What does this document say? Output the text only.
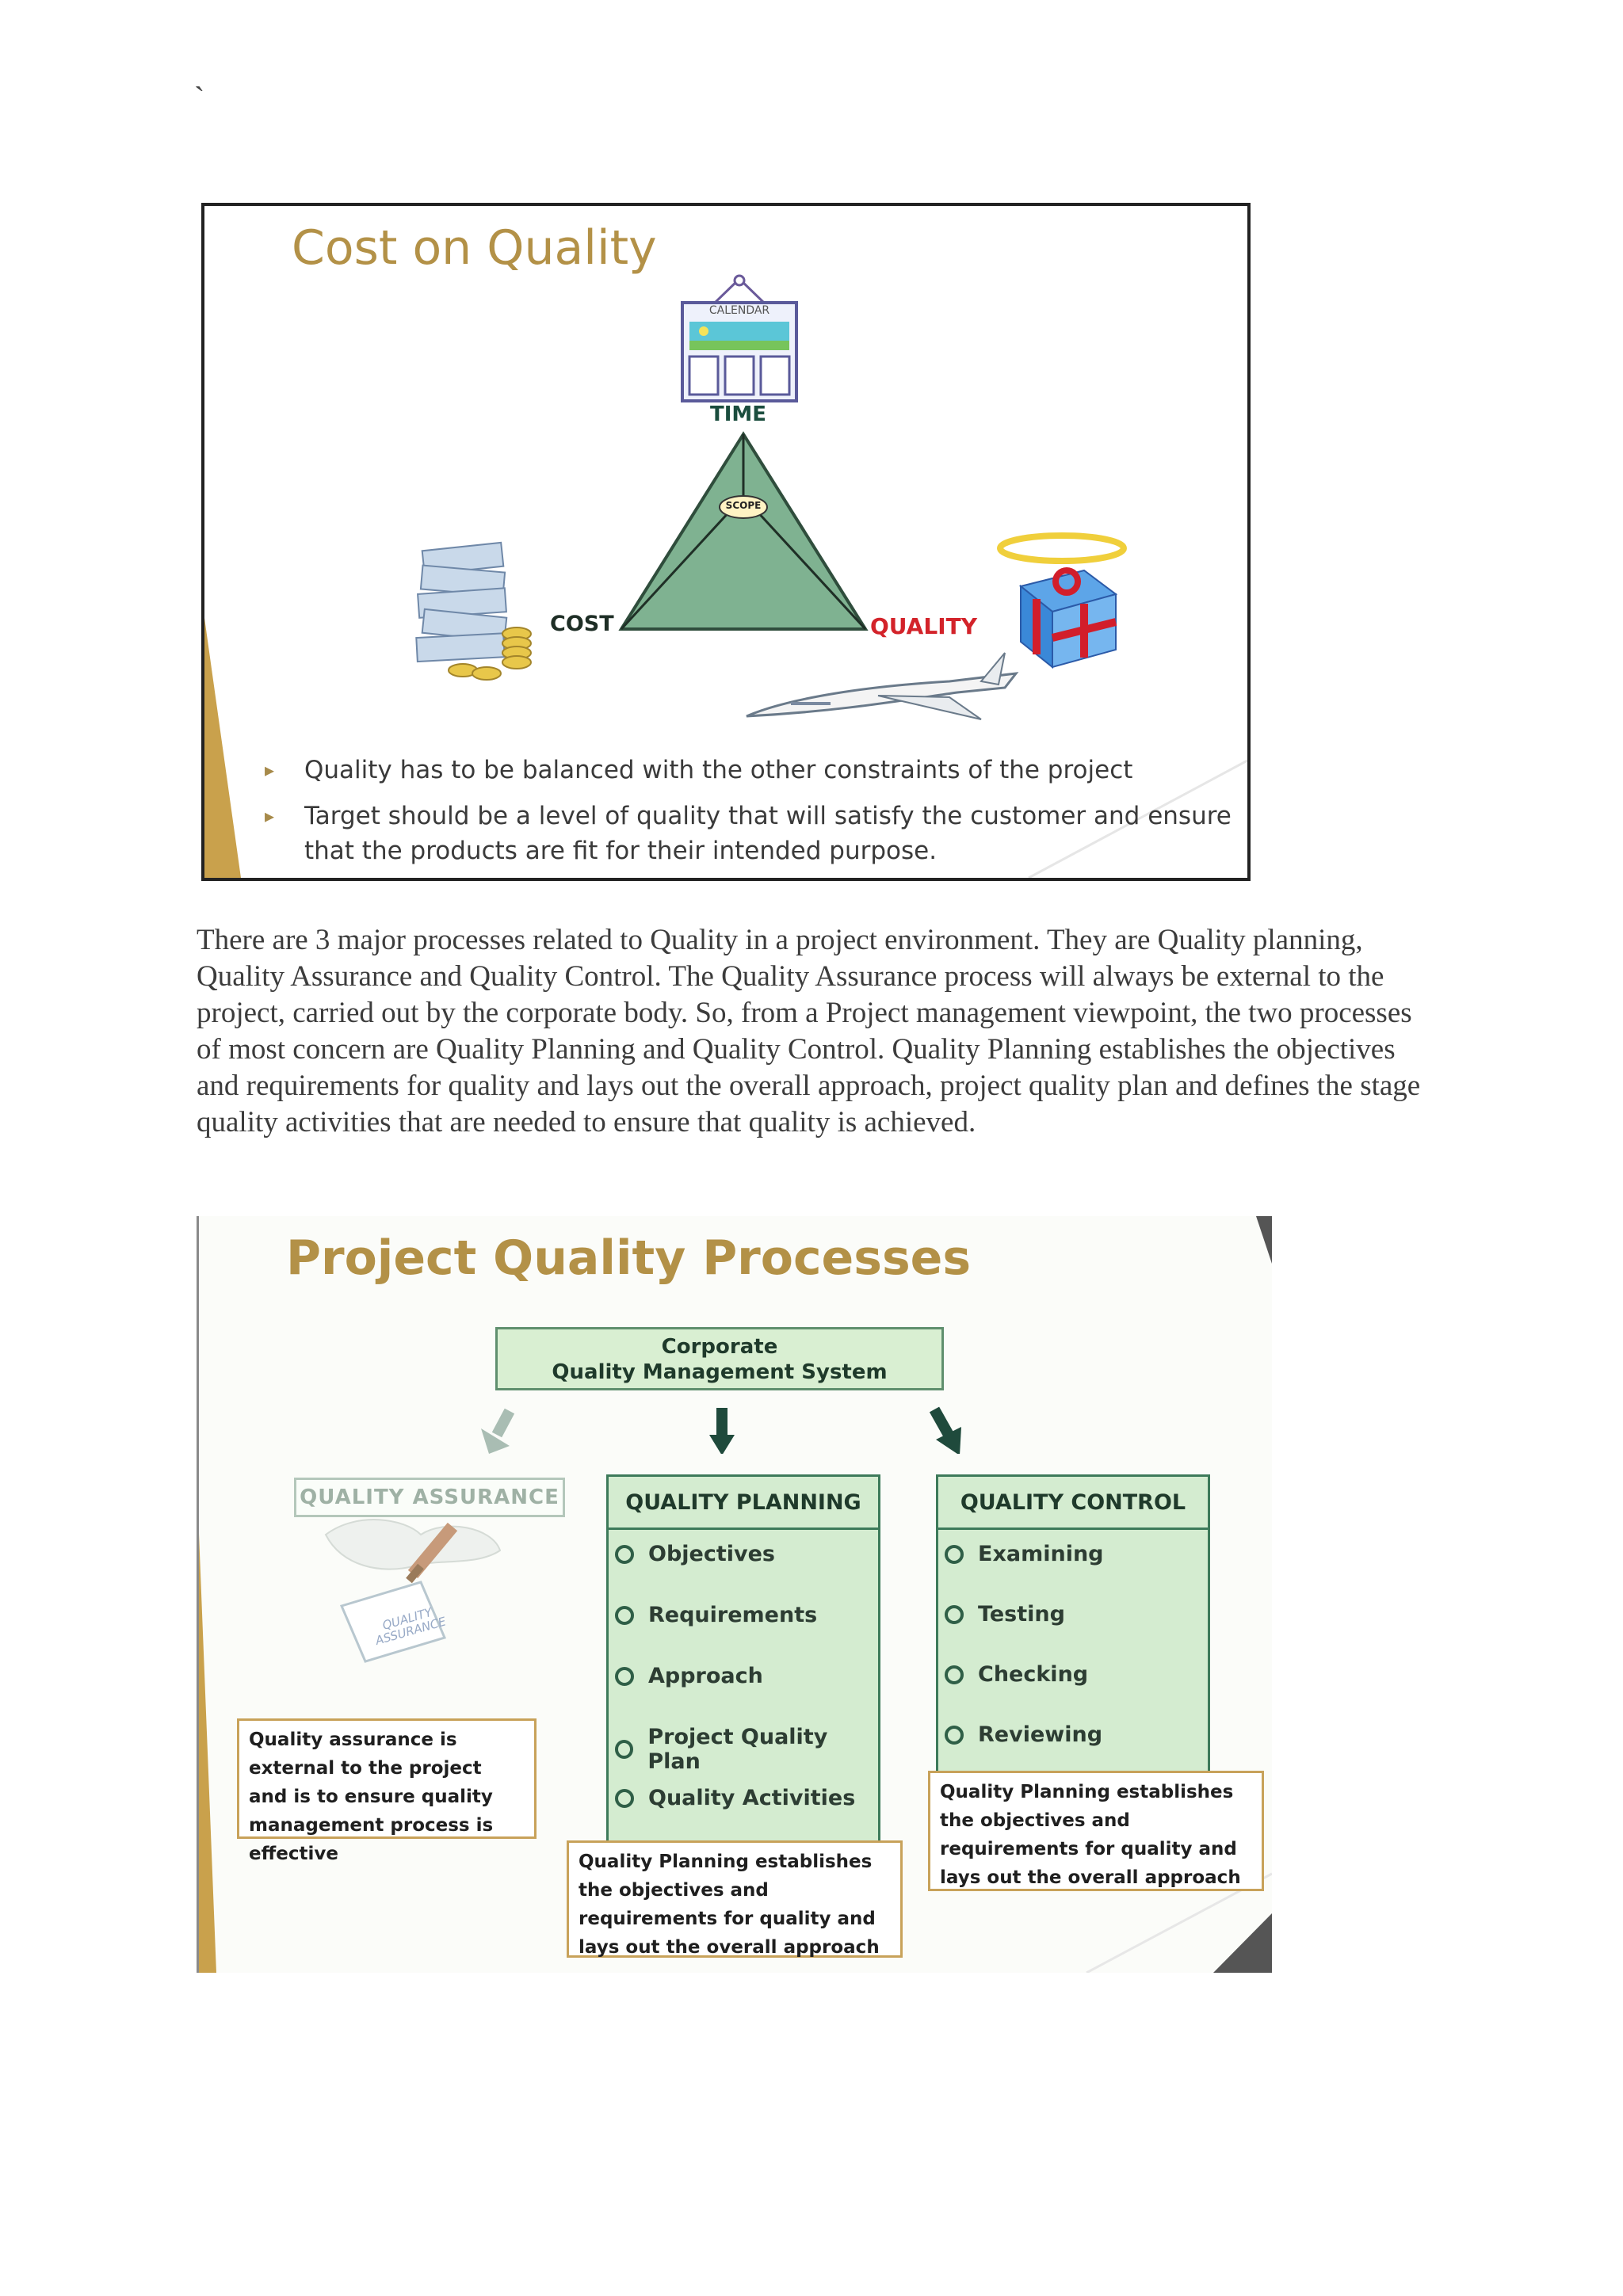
`
Cost on Quality
CALENDAR
TIME
SCOPE
COST	QUALITY
▸ Quality has to be balanced with the other constraints of the project
▸ Target should be a level of quality that will satisfy the customer and ensure that the products are fit for their intended purpose.
There are 3 major processes related to Quality in a project environment. They are Quality planning, Quality Assurance and Quality Control. The Quality Assurance process will always be external to the project, carried out by the corporate body. So, from a Project management viewpoint, the two processes of most concern are Quality Planning and Quality Control. Quality Planning establishes the objectives and requirements for quality and lays out the overall approach, project quality plan and defines the stage quality activities that are needed to ensure that quality is achieved.
Project Quality Processes
Corporate
Quality Management System
QUALITY ASSURANCE
QUALITY ASSURANCE
Quality assurance is external to the project and is to ensure quality management process is effective
QUALITY PLANNING
Objectives
Requirements
Approach
Project Quality Plan
Quality Activities
Quality Planning establishes the objectives and requirements for quality and lays out the overall approach
QUALITY CONTROL
Examining
Testing
Checking
Reviewing
Quality Planning establishes the objectives and requirements for quality and lays out the overall approach
